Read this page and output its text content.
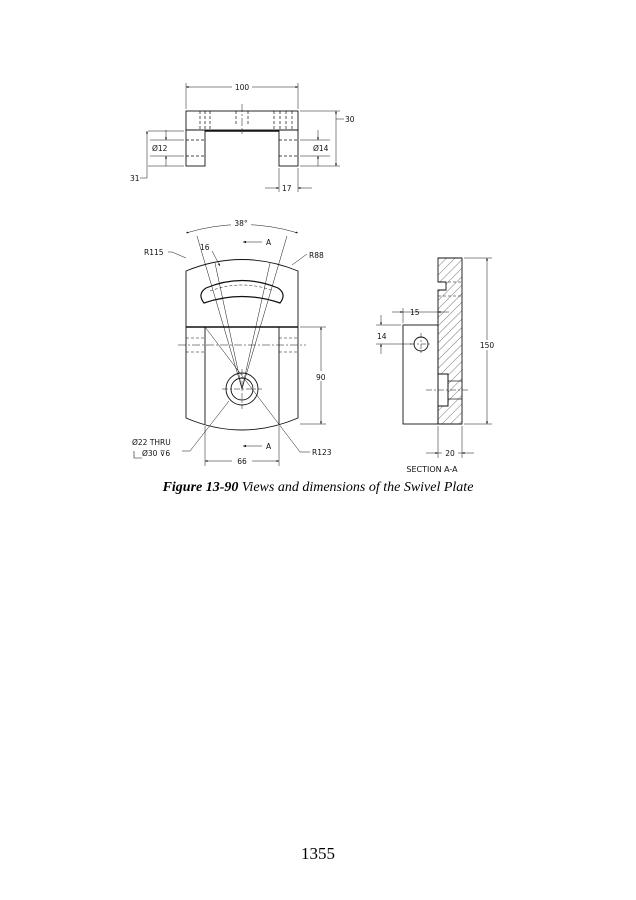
100
30
Ø12	Ø14
31
17
38°
16
R115	R88
A
A
90
Ø22 THRU
Ø30 ⊽6
66
R123
15
14
150
20
SECTION A-A
Figure 13-90 Views and dimensions of the Swivel Plate
1355
